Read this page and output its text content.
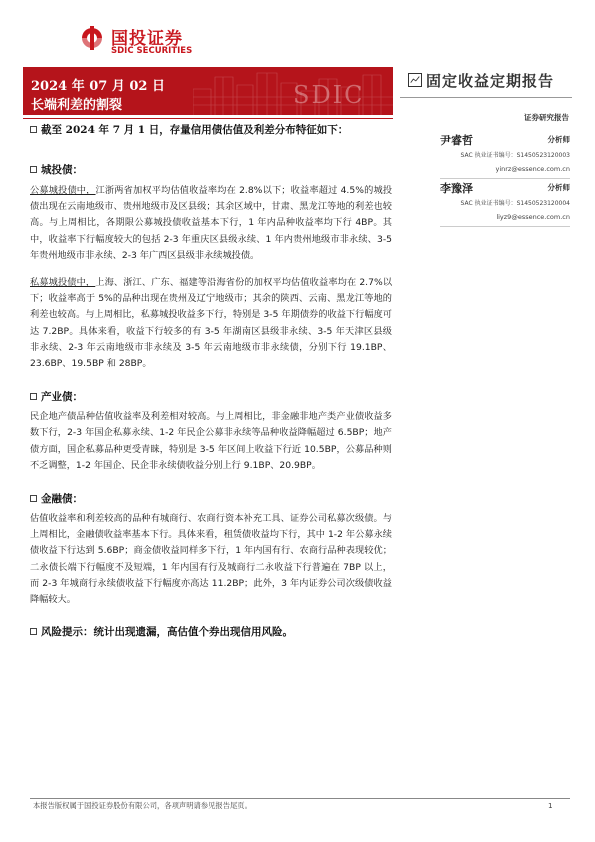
国投证券
SDIC SECURITIES
SDIC
2024 年 07 月 02 日
长端利差的割裂
固定收益定期报告
证券研究报告
尹睿哲	分析师
SAC 执业证书编号：S1450523120003
yinrz@essence.com.cn
李豫泽	分析师
SAC 执业证书编号：S1450523120004
liyz9@essence.com.cn
截至 2024 年 7 月 1 日，存量信用债估值及利差分布特征如下：
城投债：

公募城投债中，江浙两省加权平均估值收益率均在 2.8%以下；收益率超过 4.5%的城投债出现在云南地级市、贵州地级市及区县级；其余区域中，甘肃、黑龙江等地的利差也较高。与上周相比，各期限公募城投债收益基本下行，1 年内品种收益率均下行 4BP。其中，收益率下行幅度较大的包括 2-3 年重庆区县级永续、1 年内贵州地级市非永续、3-5 年贵州地级市非永续、2-3 年广西区县级非永续城投债。

私募城投债中，上海、浙江、广东、福建等沿海省份的加权平均估值收益率均在 2.7%以下；收益率高于 5%的品种出现在贵州及辽宁地级市；其余的陕西、云南、黑龙江等地的利差也较高。与上周相比，私募城投收益多下行，特别是 3-5 年期债券的收益下行幅度可达 7.2BP。具体来看，收益下行较多的有 3-5 年湖南区县级非永续、3-5 年天津区县级非永续、2-3 年云南地级市非永续及 3-5 年云南地级市非永续债，分别下行 19.1BP、23.6BP、19.5BP 和 28BP。

产业债：

民企地产债品种估值收益率及利差相对较高。与上周相比，非金融非地产类产业债收益多数下行，2-3 年国企私募永续、1-2 年民企公募非永续等品种收益降幅超过 6.5BP；地产债方面，国企私募品种更受青睐，特别是 3-5 年区间上收益下行近 10.5BP，公募品种则不乏调整，1-2 年国企、民企非永续债收益分别上行 9.1BP、20.9BP。

金融债：

估值收益率和利差较高的品种有城商行、农商行资本补充工具、证券公司私募次级债。与上周相比，金融债收益率基本下行。具体来看，租赁债收益均下行，其中 1-2 年公募永续债收益下行达到 5.6BP；商金债收益同样多下行，1 年内国有行、农商行品种表现较优；二永债长端下行幅度不及短端，1 年内国有行及城商行二永收益下行普遍在 7BP 以上，而 2-3 年城商行永续债收益下行幅度亦高达 11.2BP；此外，3 年内证券公司次级债收益降幅较大。

风险提示：统计出现遗漏，高估值个券出现信用风险。
本报告版权属于国投证券股份有限公司，各项声明请参见报告尾页。	1
